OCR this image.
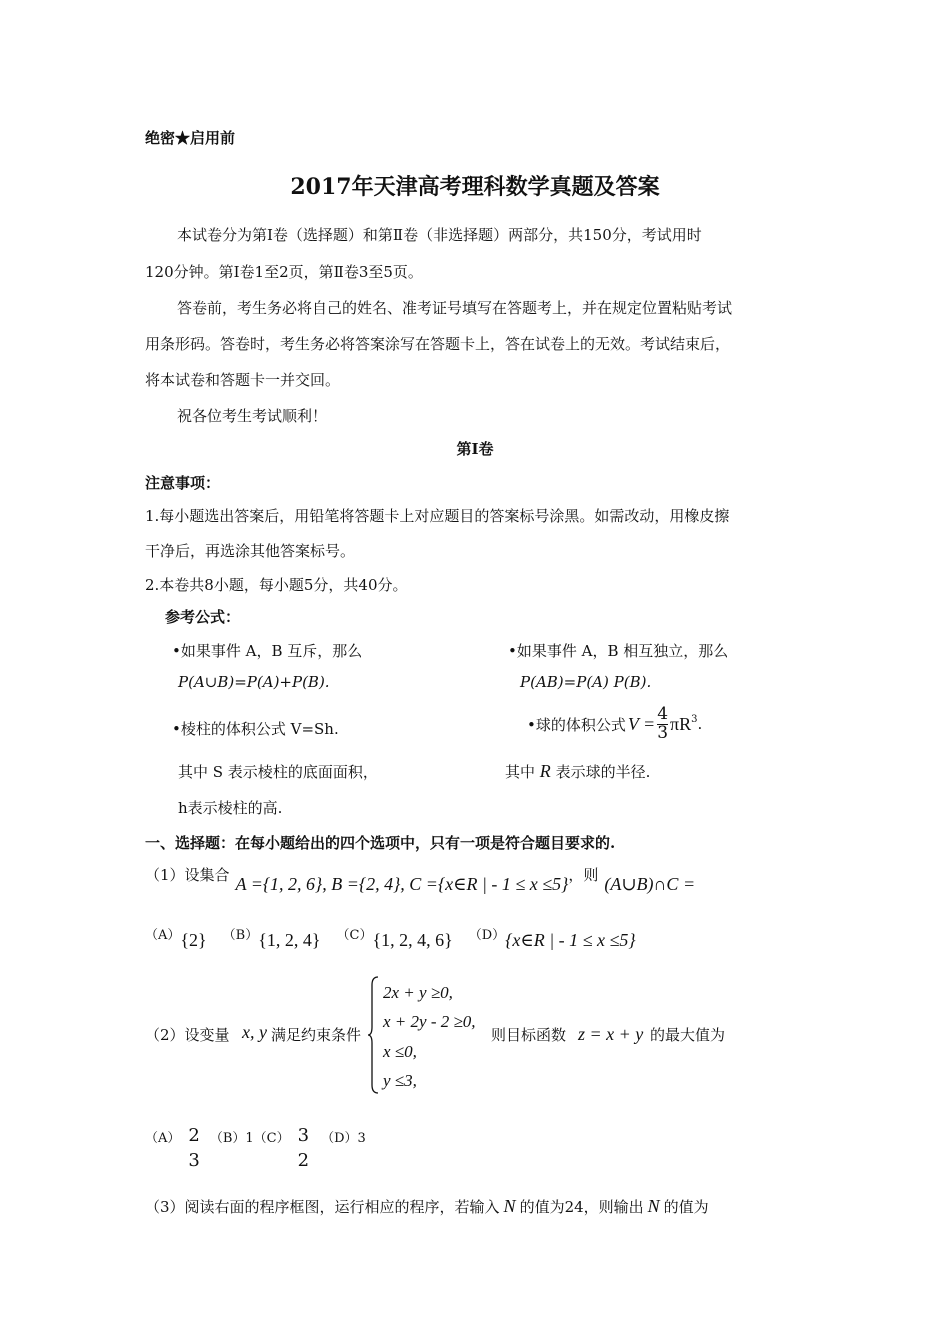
绝密★启用前
2017年天津高考理科数学真题及答案
本试卷分为第Ⅰ卷（选择题）和第Ⅱ卷（非选择题）两部分，共150分，考试用时
120分钟。第Ⅰ卷1至2页，第Ⅱ卷3至5页。
答卷前，考生务必将自己的姓名、准考证号填写在答题考上，并在规定位置粘贴考试
用条形码。答卷时，考生务必将答案涂写在答题卡上，答在试卷上的无效。考试结束后，
将本试卷和答题卡一并交回。
祝各位考生考试顺利！
第Ⅰ卷
注意事项：
1.每小题选出答案后，用铅笔将答题卡上对应题目的答案标号涂黑。如需改动，用橡皮擦
干净后，再选涂其他答案标号。
2.本卷共8小题，每小题5分，共40分。
参考公式：
•如果事件 A，B 互斥，那么
P(A∪B)=P(A)+P(B).
•如果事件 A，B 相互独立，那么
P(AB)=P(A) P(B).
•棱柱的体积公式 V=Sh.	•球的体积公式 $V = \frac{4}{3} \pi R^3$ .
其中 S 表示棱柱的底面面积，
h表示棱柱的高.
其中 R 表示球的半径.
一、选择题：在每小题给出的四个选项中，只有一项是符合题目要求的.
（1）设集合 A ={1, 2, 6}, B ={2, 4}, C ={x∈R | - 1 ≤ x ≤5} ，则 (A∪B)∩C =
（A） {2} （B） {1, 2, 4} （C） {1, 2, 4, 6} （D） {x∈R | - 1 ≤ x ≤5}
（2）设变量 x, y 满足约束条件
2x + y ≥0,
x + 2y - 2 ≥0,
x ≤0,
y ≤3,
则目标函数 z = x + y 的最大值为
（A） 2
3
（B）1 （C） 3
2
（D）3
（3）阅读右面的程序框图，运行相应的程序，若输入 N 的值为24，则输出 N 的值为
